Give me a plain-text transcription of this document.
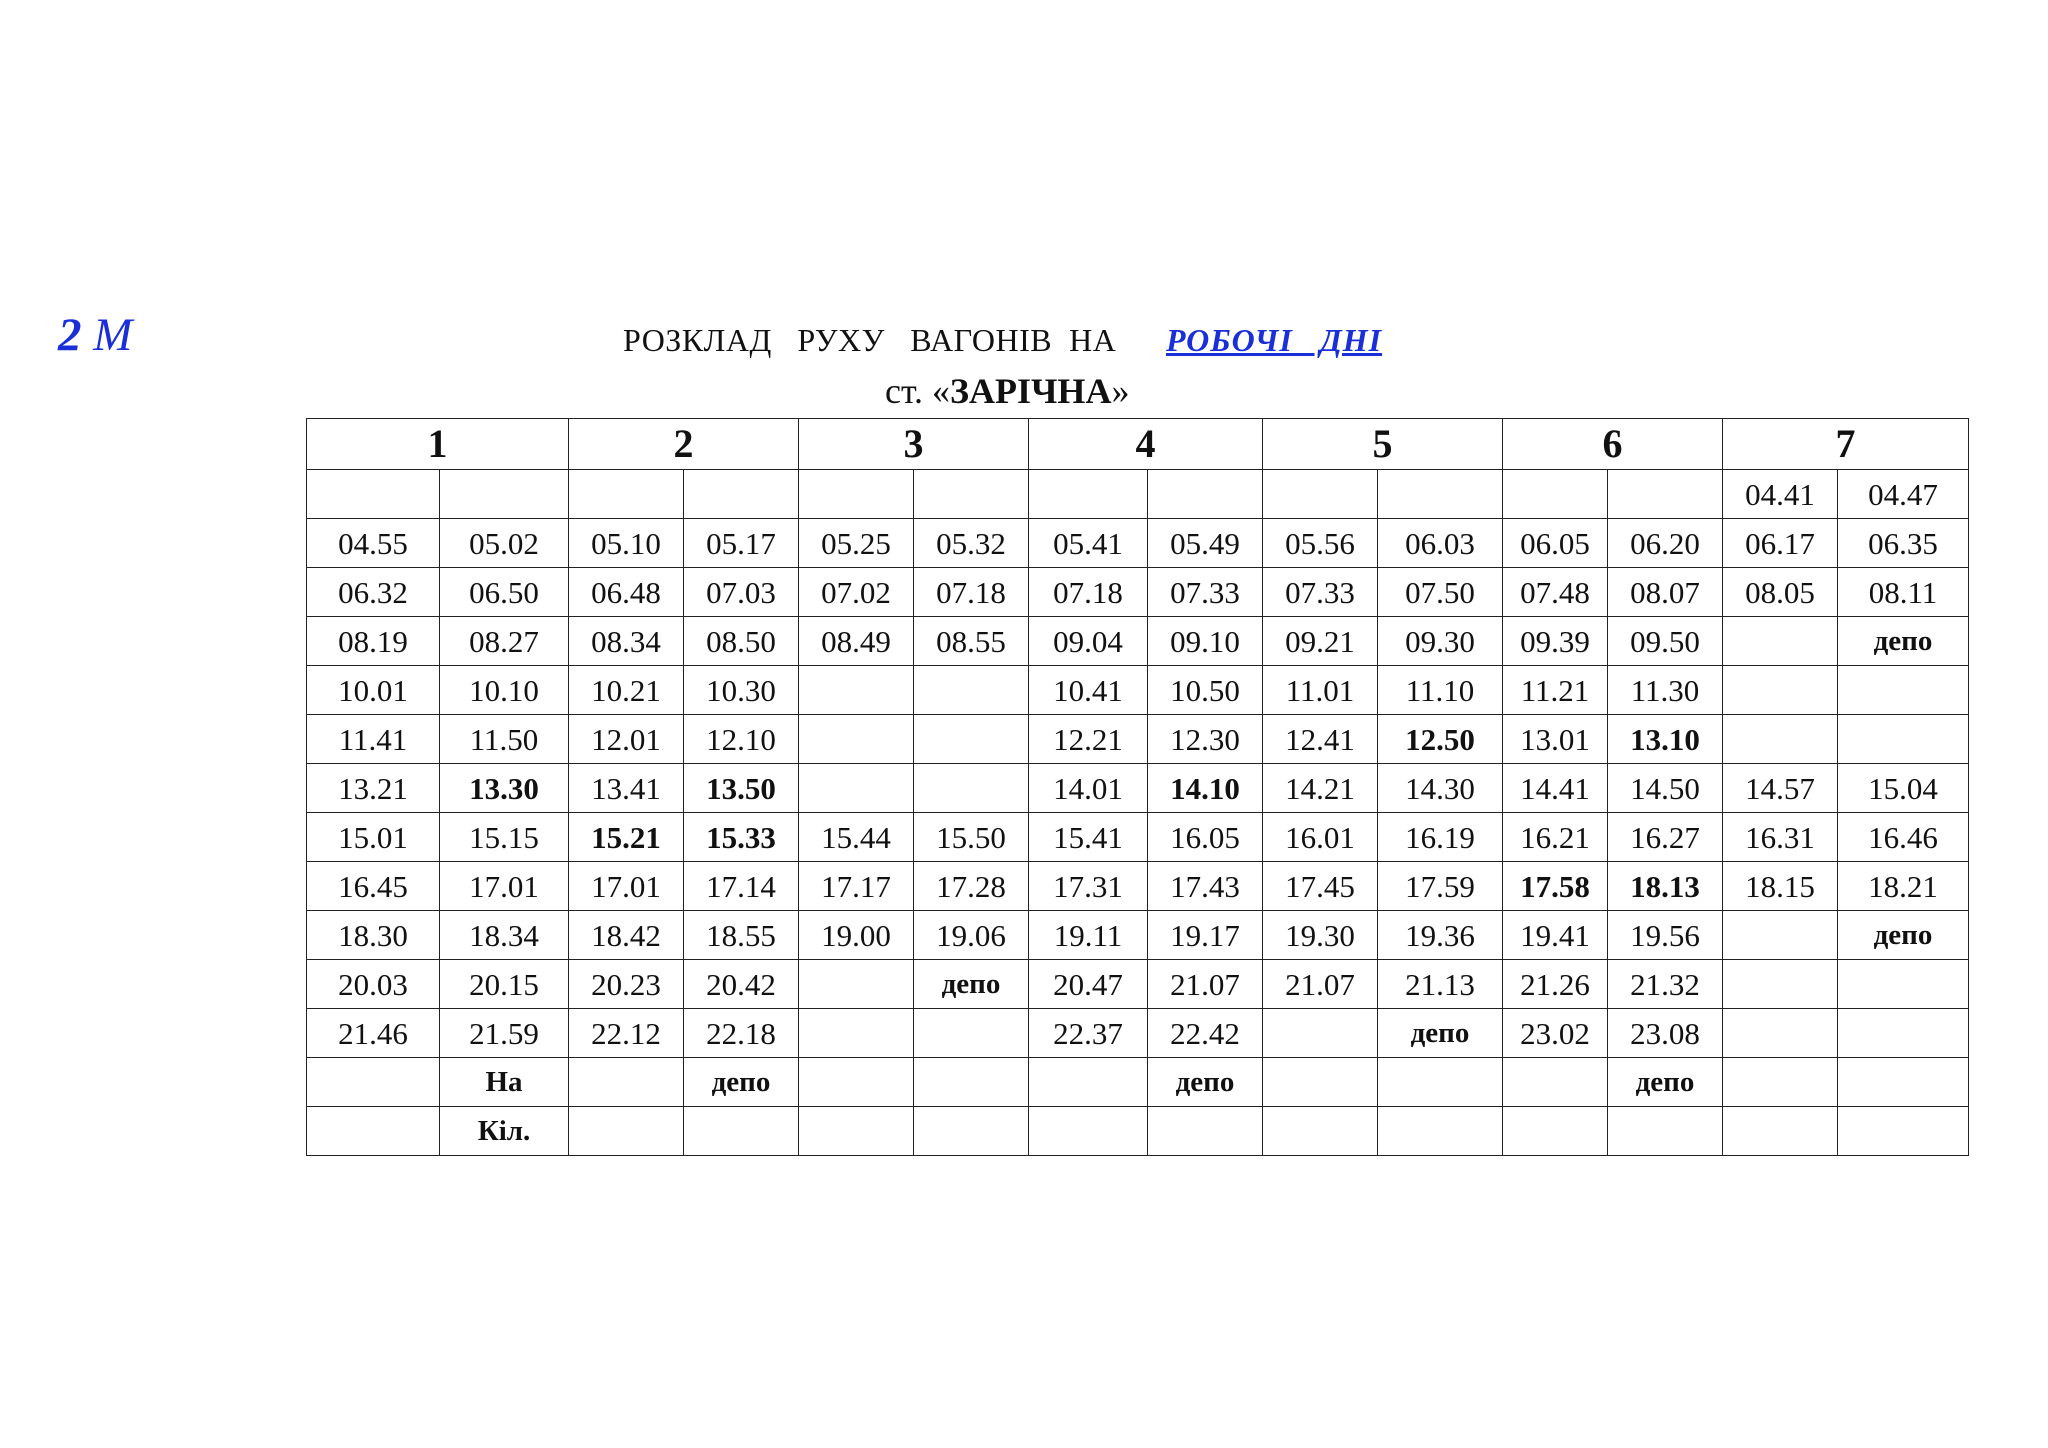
2 М	РОЗКЛАД   РУХУ   ВАГОНІВ  НА РОБОЧІ   ДНІ
ст. «ЗАРІЧНА»
1		2		3		4		5		6		7	
												04.41	04.47
04.55	05.02	05.10	05.17	05.25	05.32	05.41	05.49	05.56	06.03	06.05	06.20	06.17	06.35
06.32	06.50	06.48	07.03	07.02	07.18	07.18	07.33	07.33	07.50	07.48	08.07	08.05	08.11
08.19	08.27	08.34	08.50	08.49	08.55	09.04	09.10	09.21	09.30	09.39	09.50		депо
10.01	10.10	10.21	10.30			10.41	10.50	11.01	11.10	11.21	11.30		
11.41	11.50	12.01	12.10			12.21	12.30	12.41	12.50	13.01	13.10		
13.21	13.30	13.41	13.50			14.01	14.10	14.21	14.30	14.41	14.50	14.57	15.04
15.01	15.15	15.21	15.33	15.44	15.50	15.41	16.05	16.01	16.19	16.21	16.27	16.31	16.46
16.45	17.01	17.01	17.14	17.17	17.28	17.31	17.43	17.45	17.59	17.58	18.13	18.15	18.21
18.30	18.34	18.42	18.55	19.00	19.06	19.11	19.17	19.30	19.36	19.41	19.56		депо
20.03	20.15	20.23	20.42		депо	20.47	21.07	21.07	21.13	21.26	21.32		
21.46	21.59	22.12	22.18			22.37	22.42		депо	23.02	23.08		
	На		депо				депо				депо		
	Кіл.												
